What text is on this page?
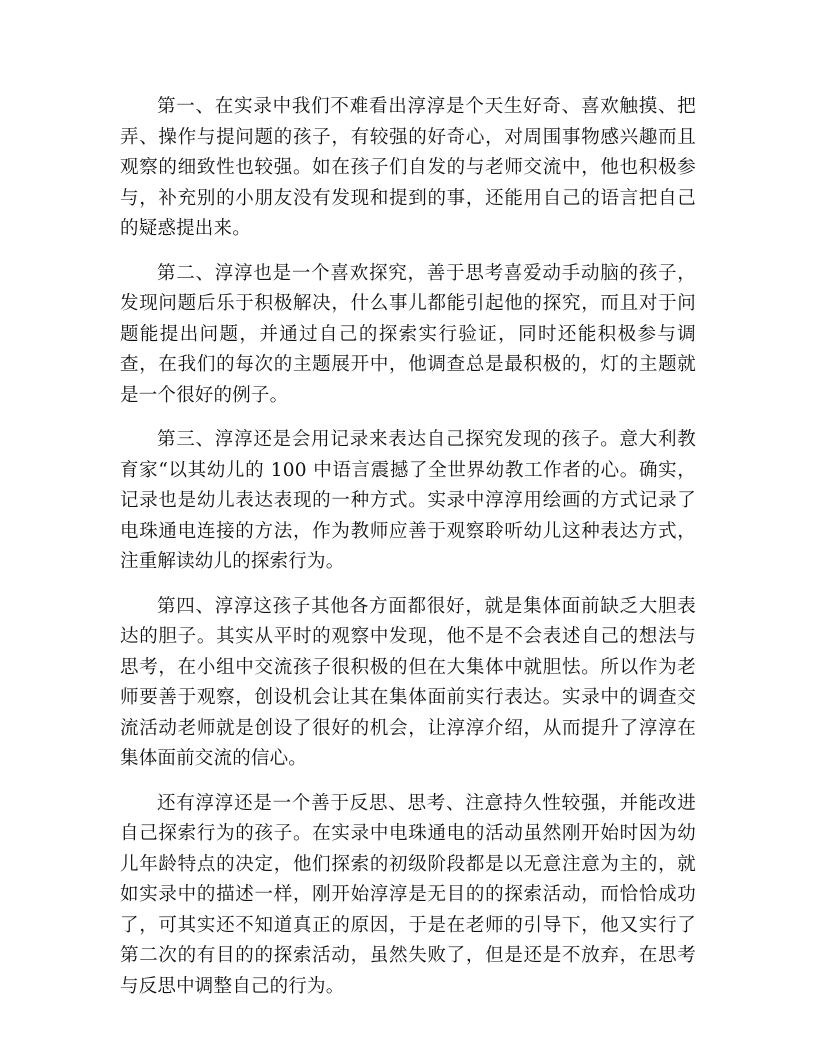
第一、在实录中我们不难看出淳淳是个天生好奇、喜欢触摸、把弄、操作与提问题的孩子，有较强的好奇心，对周围事物感兴趣而且观察的细致性也较强。如在孩子们自发的与老师交流中，他也积极参与，补充别的小朋友没有发现和提到的事，还能用自己的语言把自己的疑惑提出来。

第二、淳淳也是一个喜欢探究，善于思考喜爱动手动脑的孩子，发现问题后乐于积极解决，什么事儿都能引起他的探究，而且对于问题能提出问题，并通过自己的探索实行验证，同时还能积极参与调查，在我们的每次的主题展开中，他调查总是最积极的，灯的主题就是一个很好的例子。

第三、淳淳还是会用记录来表达自己探究发现的孩子。意大利教育家“以其幼儿的 100 中语言震撼了全世界幼教工作者的心。确实，记录也是幼儿表达表现的一种方式。实录中淳淳用绘画的方式记录了电珠通电连接的方法，作为教师应善于观察聆听幼儿这种表达方式，注重解读幼儿的探索行为。

第四、淳淳这孩子其他各方面都很好，就是集体面前缺乏大胆表达的胆子。其实从平时的观察中发现，他不是不会表述自己的想法与思考，在小组中交流孩子很积极的但在大集体中就胆怯。所以作为老师要善于观察，创设机会让其在集体面前实行表达。实录中的调查交流活动老师就是创设了很好的机会，让淳淳介绍，从而提升了淳淳在集体面前交流的信心。

还有淳淳还是一个善于反思、思考、注意持久性较强，并能改进自己探索行为的孩子。在实录中电珠通电的活动虽然刚开始时因为幼儿年龄特点的决定，他们探索的初级阶段都是以无意注意为主的，就如实录中的描述一样，刚开始淳淳是无目的的探索活动，而恰恰成功了，可其实还不知道真正的原因，于是在老师的引导下，他又实行了第二次的有目的的探索活动，虽然失败了，但是还是不放弃，在思考与反思中调整自己的行为。
